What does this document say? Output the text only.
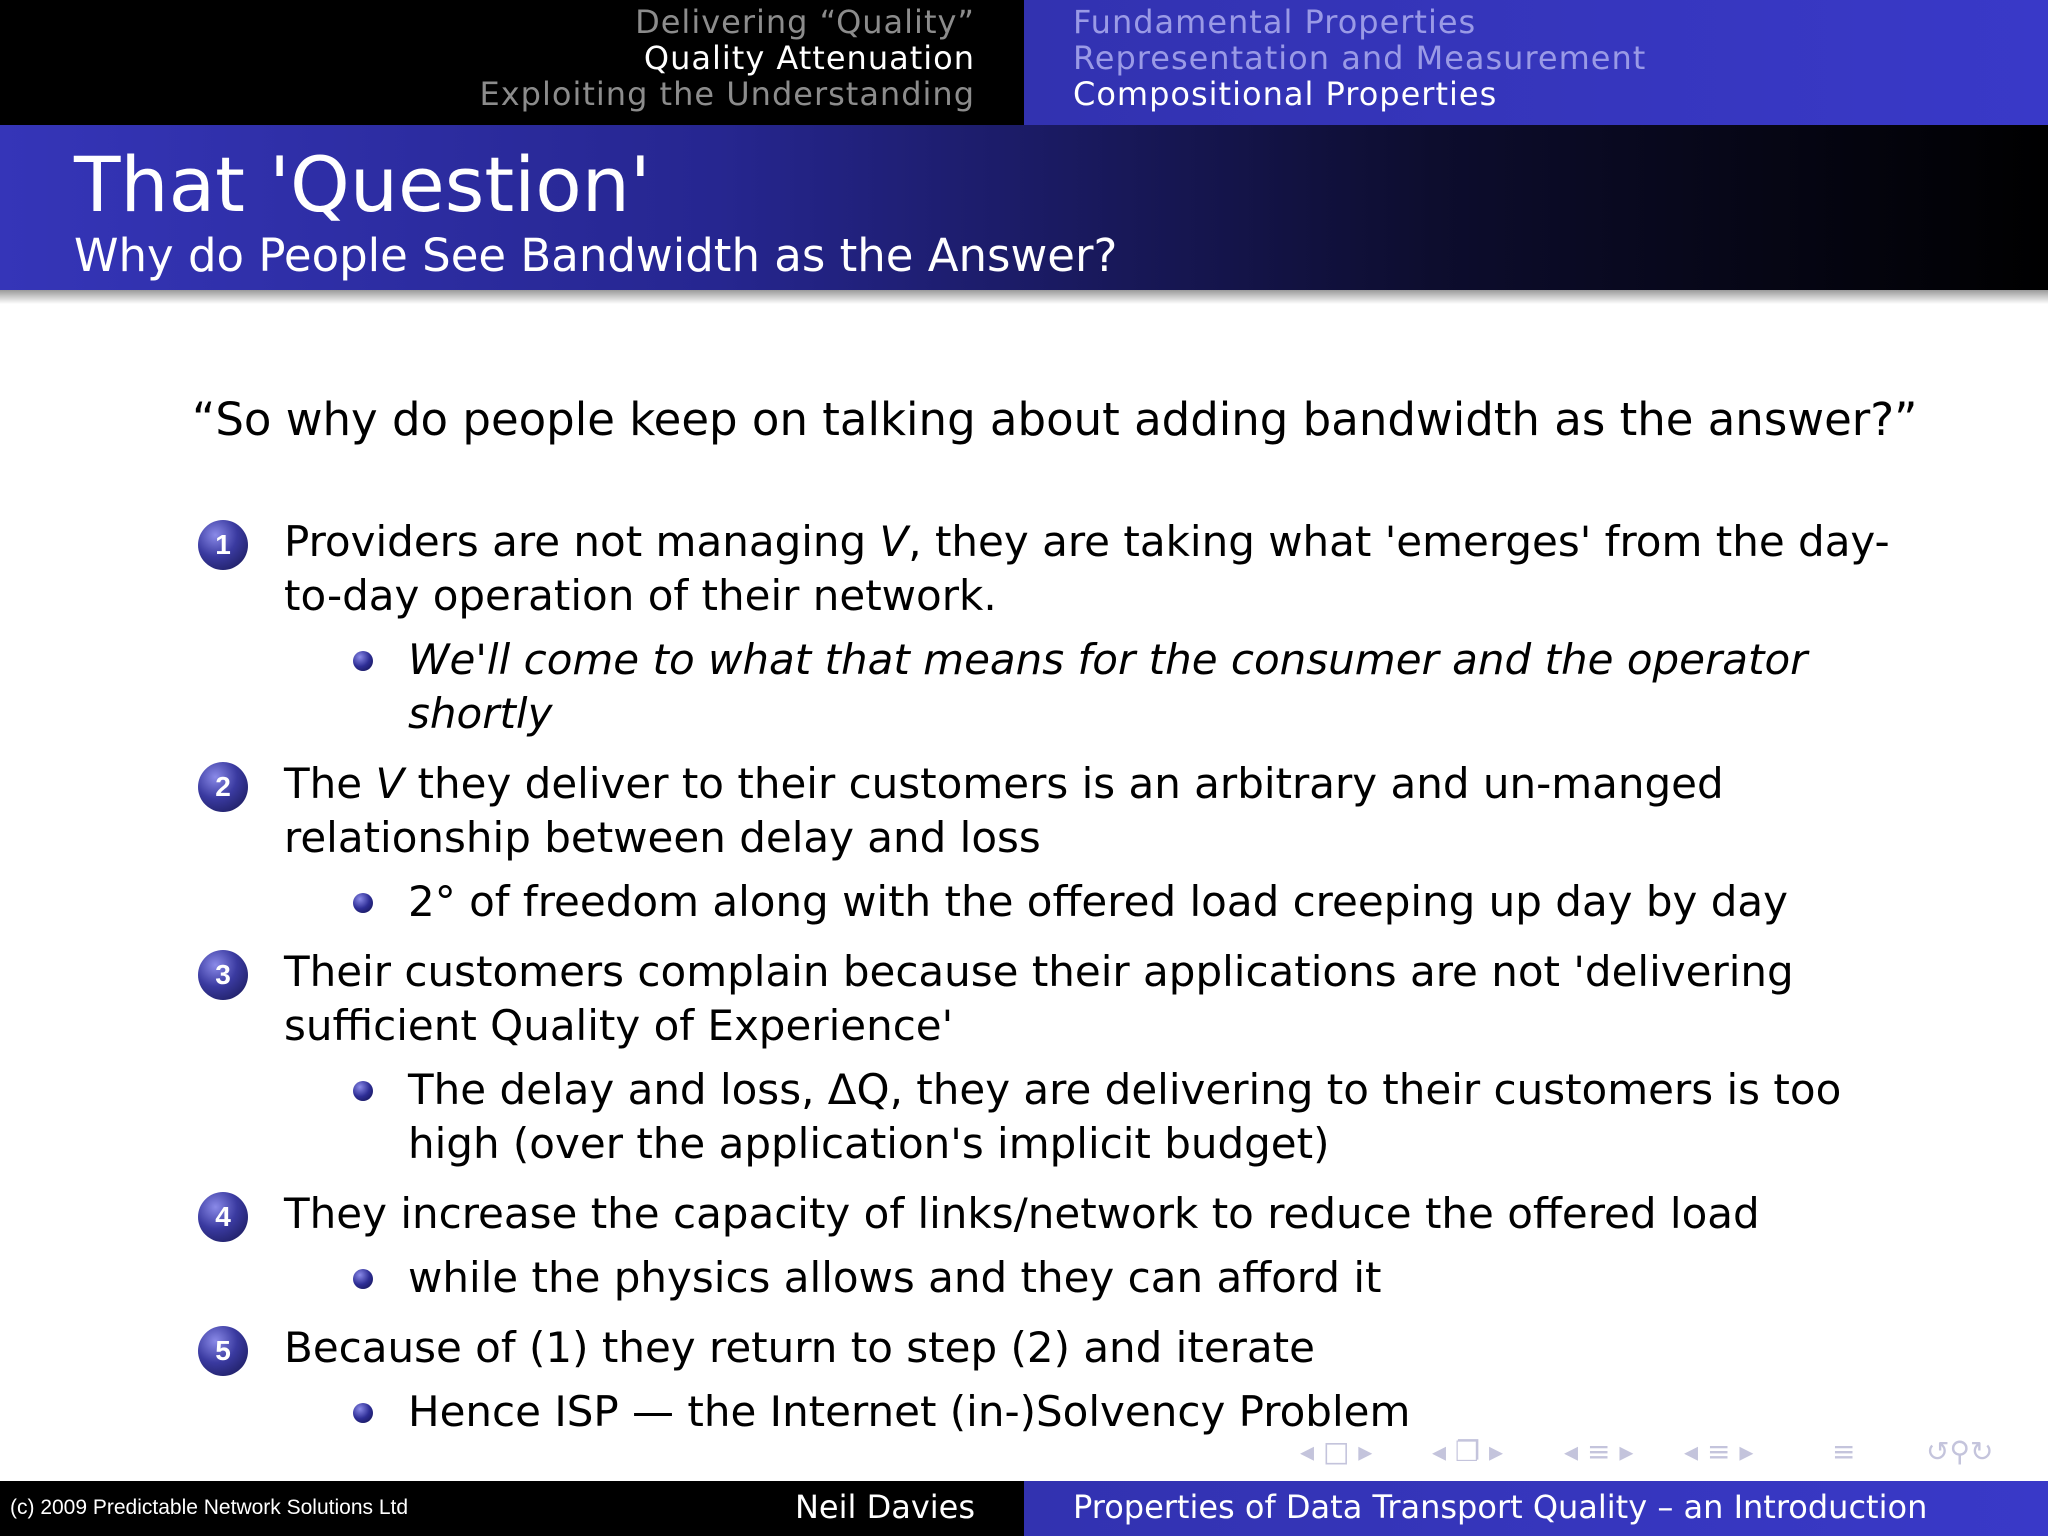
Delivering “Quality”
Quality Attenuation
Exploiting the Understanding
Fundamental Properties
Representation and Measurement
Compositional Properties
That 'Question'
Why do People See Bandwidth as the Answer?
“So why do people keep on talking about adding bandwidth as the answer?”
1	Providers are not managing V, they are taking what 'emerges' from the day-to-day operation of their network.
We'll come to what that means for the consumer and the operator shortly
2	The V they deliver to their customers is an arbitrary and un-manged relationship between delay and loss
2° of freedom along with the offered load creeping up day by day
3	Their customers complain because their applications are not 'delivering sufficient Quality of Experience'
The delay and loss, ΔQ, they are delivering to their customers is too high (over the application's implicit budget)
4	They increase the capacity of links/network to reduce the offered load
while the physics allows and they can afford it
5	Because of (1) they return to step (2) and iterate
Hence ISP — the Internet (in-)Solvency Problem
◂ □ ▸ ◂ ❐ ▸ ◂ ≡ ▸ ◂ ≡ ▸	≡	↺⚲↻
(c) 2009 Predictable Network Solutions Ltd	Neil Davies	Properties of Data Transport Quality – an Introduction
